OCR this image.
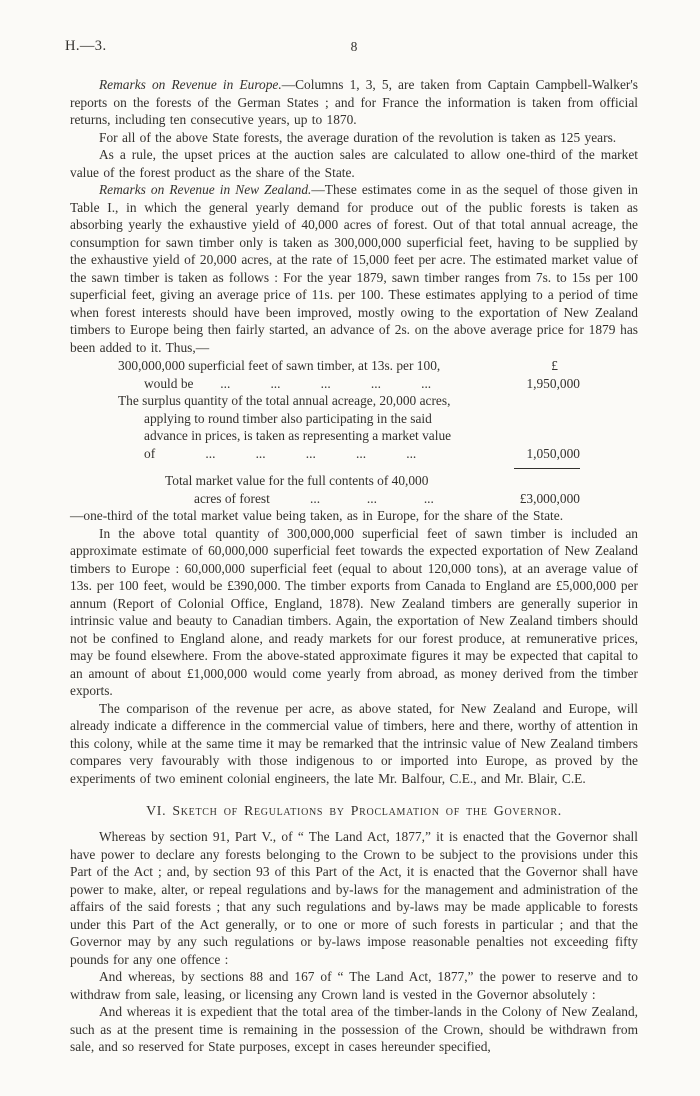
H.—3.	8

Remarks on Revenue in Europe.—Columns 1, 3, 5, are taken from Captain Campbell-Walker's reports on the forests of the German States ; and for France the information is taken from official returns, including ten consecutive years, up to 1870.

For all of the above State forests, the average duration of the revolution is taken as 125 years.

As a rule, the upset prices at the auction sales are calculated to allow one-third of the market value of the forest product as the share of the State.

Remarks on Revenue in New Zealand.—These estimates come in as the sequel of those given in Table I., in which the general yearly demand for produce out of the public forests is taken as absorbing yearly the exhaustive yield of 40,000 acres of forest. Out of that total annual acreage, the consumption for sawn timber only is taken as 300,000,000 superficial feet, having to be supplied by the exhaustive yield of 20,000 acres, at the rate of 15,000 feet per acre. The estimated market value of the sawn timber is taken as follows : For the year 1879, sawn timber ranges from 7s. to 15s per 100 superficial feet, giving an average price of 11s. per 100. These estimates applying to a period of time when forest interests should have been improved, mostly owing to the exportation of New Zealand timbers to Europe being then fairly started, an advance of 2s. on the above average price for 1879 has been added to it. Thus,—

300,000,000 superficial feet of sawn timber, at 13s. per 100,	£
would be        ...            ...            ...            ...            ...	1,950,000
The surplus quantity of the total annual acreage, 20,000 acres,
applying to round timber also participating in the said
advance in prices, is taken as representing a market value
of               ...            ...            ...            ...            ...	1,050,000
Total market value for the full contents of 40,000
acres of forest            ...              ...              ...	£3,000,000

—one-third of the total market value being taken, as in Europe, for the share of the State.

In the above total quantity of 300,000,000 superficial feet of sawn timber is included an approximate estimate of 60,000,000 superficial feet towards the expected exportation of New Zealand timbers to Europe : 60,000,000 superficial feet (equal to about 120,000 tons), at an average value of 13s. per 100 feet, would be £390,000. The timber exports from Canada to England are £5,000,000 per annum (Report of Colonial Office, England, 1878). New Zealand timbers are generally superior in intrinsic value and beauty to Canadian timbers. Again, the exportation of New Zealand timbers should not be confined to England alone, and ready markets for our forest produce, at remunerative prices, may be found elsewhere. From the above-stated approximate figures it may be expected that capital to an amount of about £1,000,000 would come yearly from abroad, as money derived from the timber exports.

The comparison of the revenue per acre, as above stated, for New Zealand and Europe, will already indicate a difference in the commercial value of timbers, here and there, worthy of attention in this colony, while at the same time it may be remarked that the intrinsic value of New Zealand timbers compares very favourably with those indigenous to or imported into Europe, as proved by the experiments of two eminent colonial engineers, the late Mr. Balfour, C.E., and Mr. Blair, C.E.

VI. Sketch of Regulations by Proclamation of the Governor.

Whereas by section 91, Part V., of “ The Land Act, 1877,” it is enacted that the Governor shall have power to declare any forests belonging to the Crown to be subject to the provisions under this Part of the Act ; and, by section 93 of this Part of the Act, it is enacted that the Governor shall have power to make, alter, or repeal regulations and by-laws for the management and administration of the affairs of the said forests ; that any such regulations and by-laws may be made applicable to forests under this Part of the Act generally, or to one or more of such forests in particular ; and that the Governor may by any such regulations or by-laws impose reasonable penalties not exceeding fifty pounds for any one offence :

And whereas, by sections 88 and 167 of “ The Land Act, 1877,” the power to reserve and to withdraw from sale, leasing, or licensing any Crown land is vested in the Governor absolutely :

And whereas it is expedient that the total area of the timber-lands in the Colony of New Zealand, such as at the present time is remaining in the possession of the Crown, should be withdrawn from sale, and so reserved for State purposes, except in cases hereunder specified,
